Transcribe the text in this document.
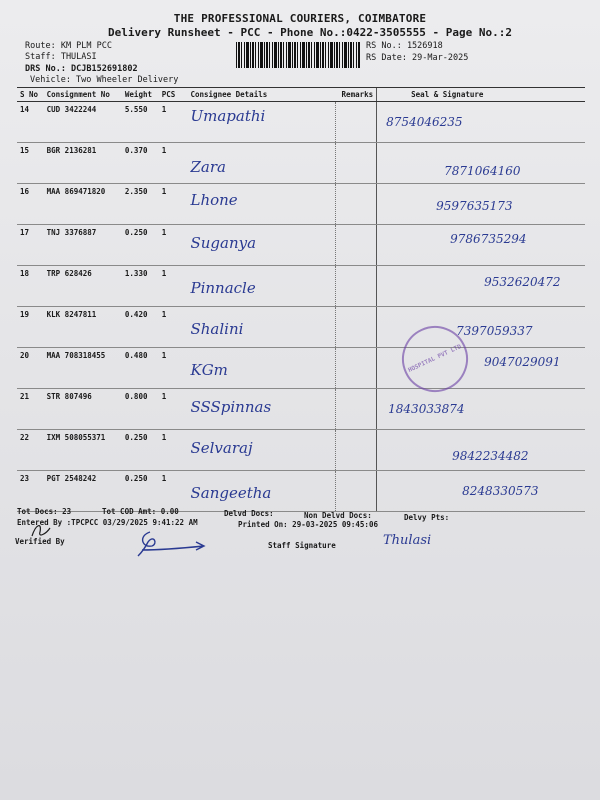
THE PROFESSIONAL COURIERS, COIMBATORE
Delivery Runsheet - PCC - Phone No.:0422-3505555 - Page No.:2
Route: KM PLM PCC
Staff: THULASI
DRS No.: DCJB152691802
Vehicle: Two Wheeler Delivery
RS No.: 1526918
RS Date: 29-Mar-2025
S No	Consignment No	Weight	PCS	Consignee Details	Remarks	Seal & Signature
14	CUD 3422244	5.550	1	Umapathi		8754046235

15	BGR 2136281	0.370	1	Zara		7871064160

16	MAA 869471820	2.350	1	Lhone		9597635173

17	TNJ 3376887	0.250	1	Suganya		9786735294

18	TRP 628426	1.330	1	Pinnacle		9532620472

19	KLK 8247811	0.420	1	Shalini		7397059337

20	MAA 708318455	0.480	1	KGm		9047029091

21	STR 807496	0.800	1	SSSpinnas		1843033874

22	IXM 508055371	0.250	1	Selvaraj		9842234482

23	PGT 2548242	0.250	1	Sangeetha		8248330573
HOSPITAL PVT LTD
Tot Docs: 23	Tot COD Amt: 0.00	Delvd Docs:	Non Delvd Docs:	Delvy Pts:
Entered By :TPCPCC 03/29/2025 9:41:22 AM	Printed On: 29-03-2025 09:45:06
Verified By	Staff Signature	Thulasi
